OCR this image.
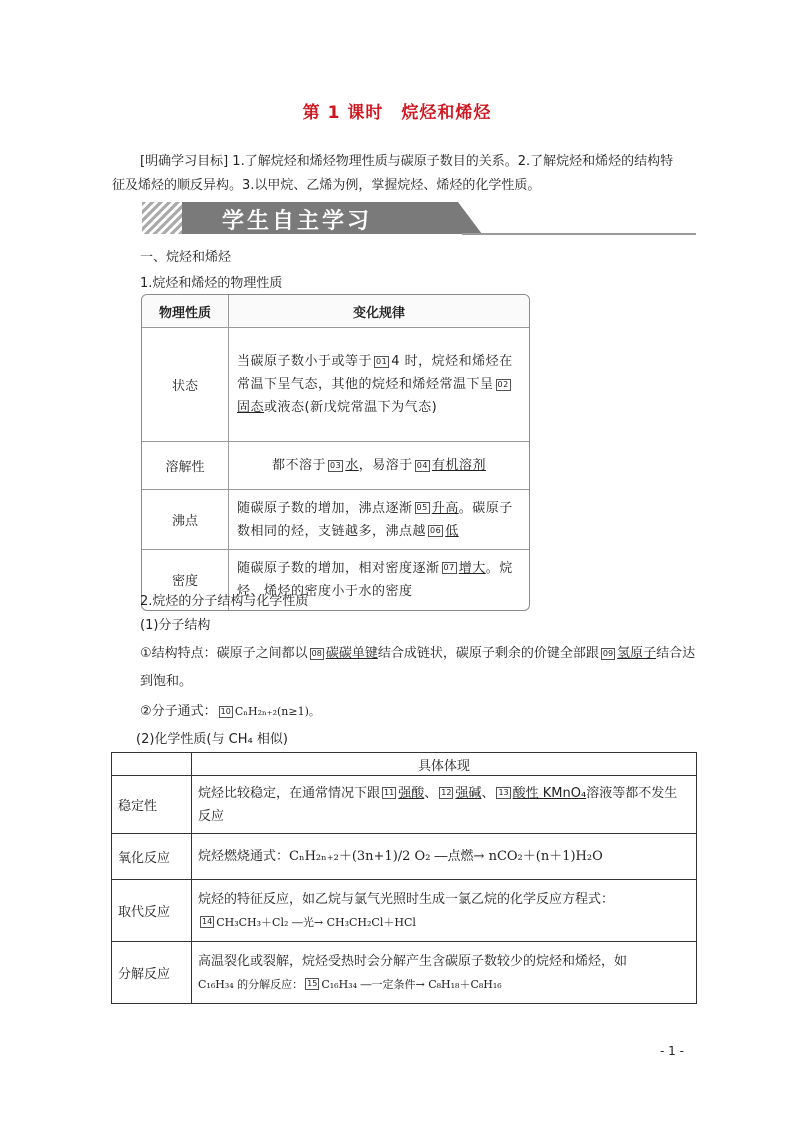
第 1 课时　烷烃和烯烃
[明确学习目标] 1.了解烷烃和烯烃物理性质与碳原子数目的关系。2.了解烷烃和烯烃的结构特征及烯烃的顺反异构。3.以甲烷、乙烯为例，掌握烷烃、烯烃的化学性质。
学生自主学习
一、烷烃和烯烃
1.烷烃和烯烃的物理性质
物理性质	变化规律
状态	当碳原子数小于或等于 01 4 时，烷烃和烯烃在常温下呈气态，其他的烷烃和烯烃常温下呈 02固态或液态(新戊烷常温下为气态)
溶解性	都不溶于 03 水，易溶于 04 有机溶剂
沸点	随碳原子数的增加，沸点逐渐 05 升高。碳原子数相同的烃，支链越多，沸点越 06 低
密度	随碳原子数的增加，相对密度逐渐 07 增大。烷烃、烯烃的密度小于水的密度
2.烷烃的分子结构与化学性质
(1)分子结构
①结构特点：碳原子之间都以 08 碳碳单键结合成链状，碳原子剩余的价键全部跟 09 氢原子结合达到饱和。
②分子通式： 10 CₙH₂ₙ₊₂(n≥1)。
(2)化学性质(与 CH₄ 相似)
	具体体现
稳定性	烷烃比较稳定，在通常情况下跟 11 强酸、 12 强碱、 13 酸性 KMnO₄溶液等都不发生反应
氧化反应	烷烃燃烧通式：CₙH₂ₙ₊₂＋(3n+1)/2 O₂ ―点燃→ nCO₂＋(n＋1)H₂O
取代反应	烷烃的特征反应，如乙烷与氯气光照时生成一氯乙烷的化学反应方程式：
14 CH₃CH₃＋Cl₂ ―光→ CH₃CH₂Cl＋HCl
分解反应	高温裂化或裂解，烷烃受热时会分解产生含碳原子数较少的烷烃和烯烃，如
C₁₆H₃₄ 的分解反应： 15 C₁₆H₃₄ ―一定条件→ C₈H₁₈＋C₈H₁₆
- 1 -
